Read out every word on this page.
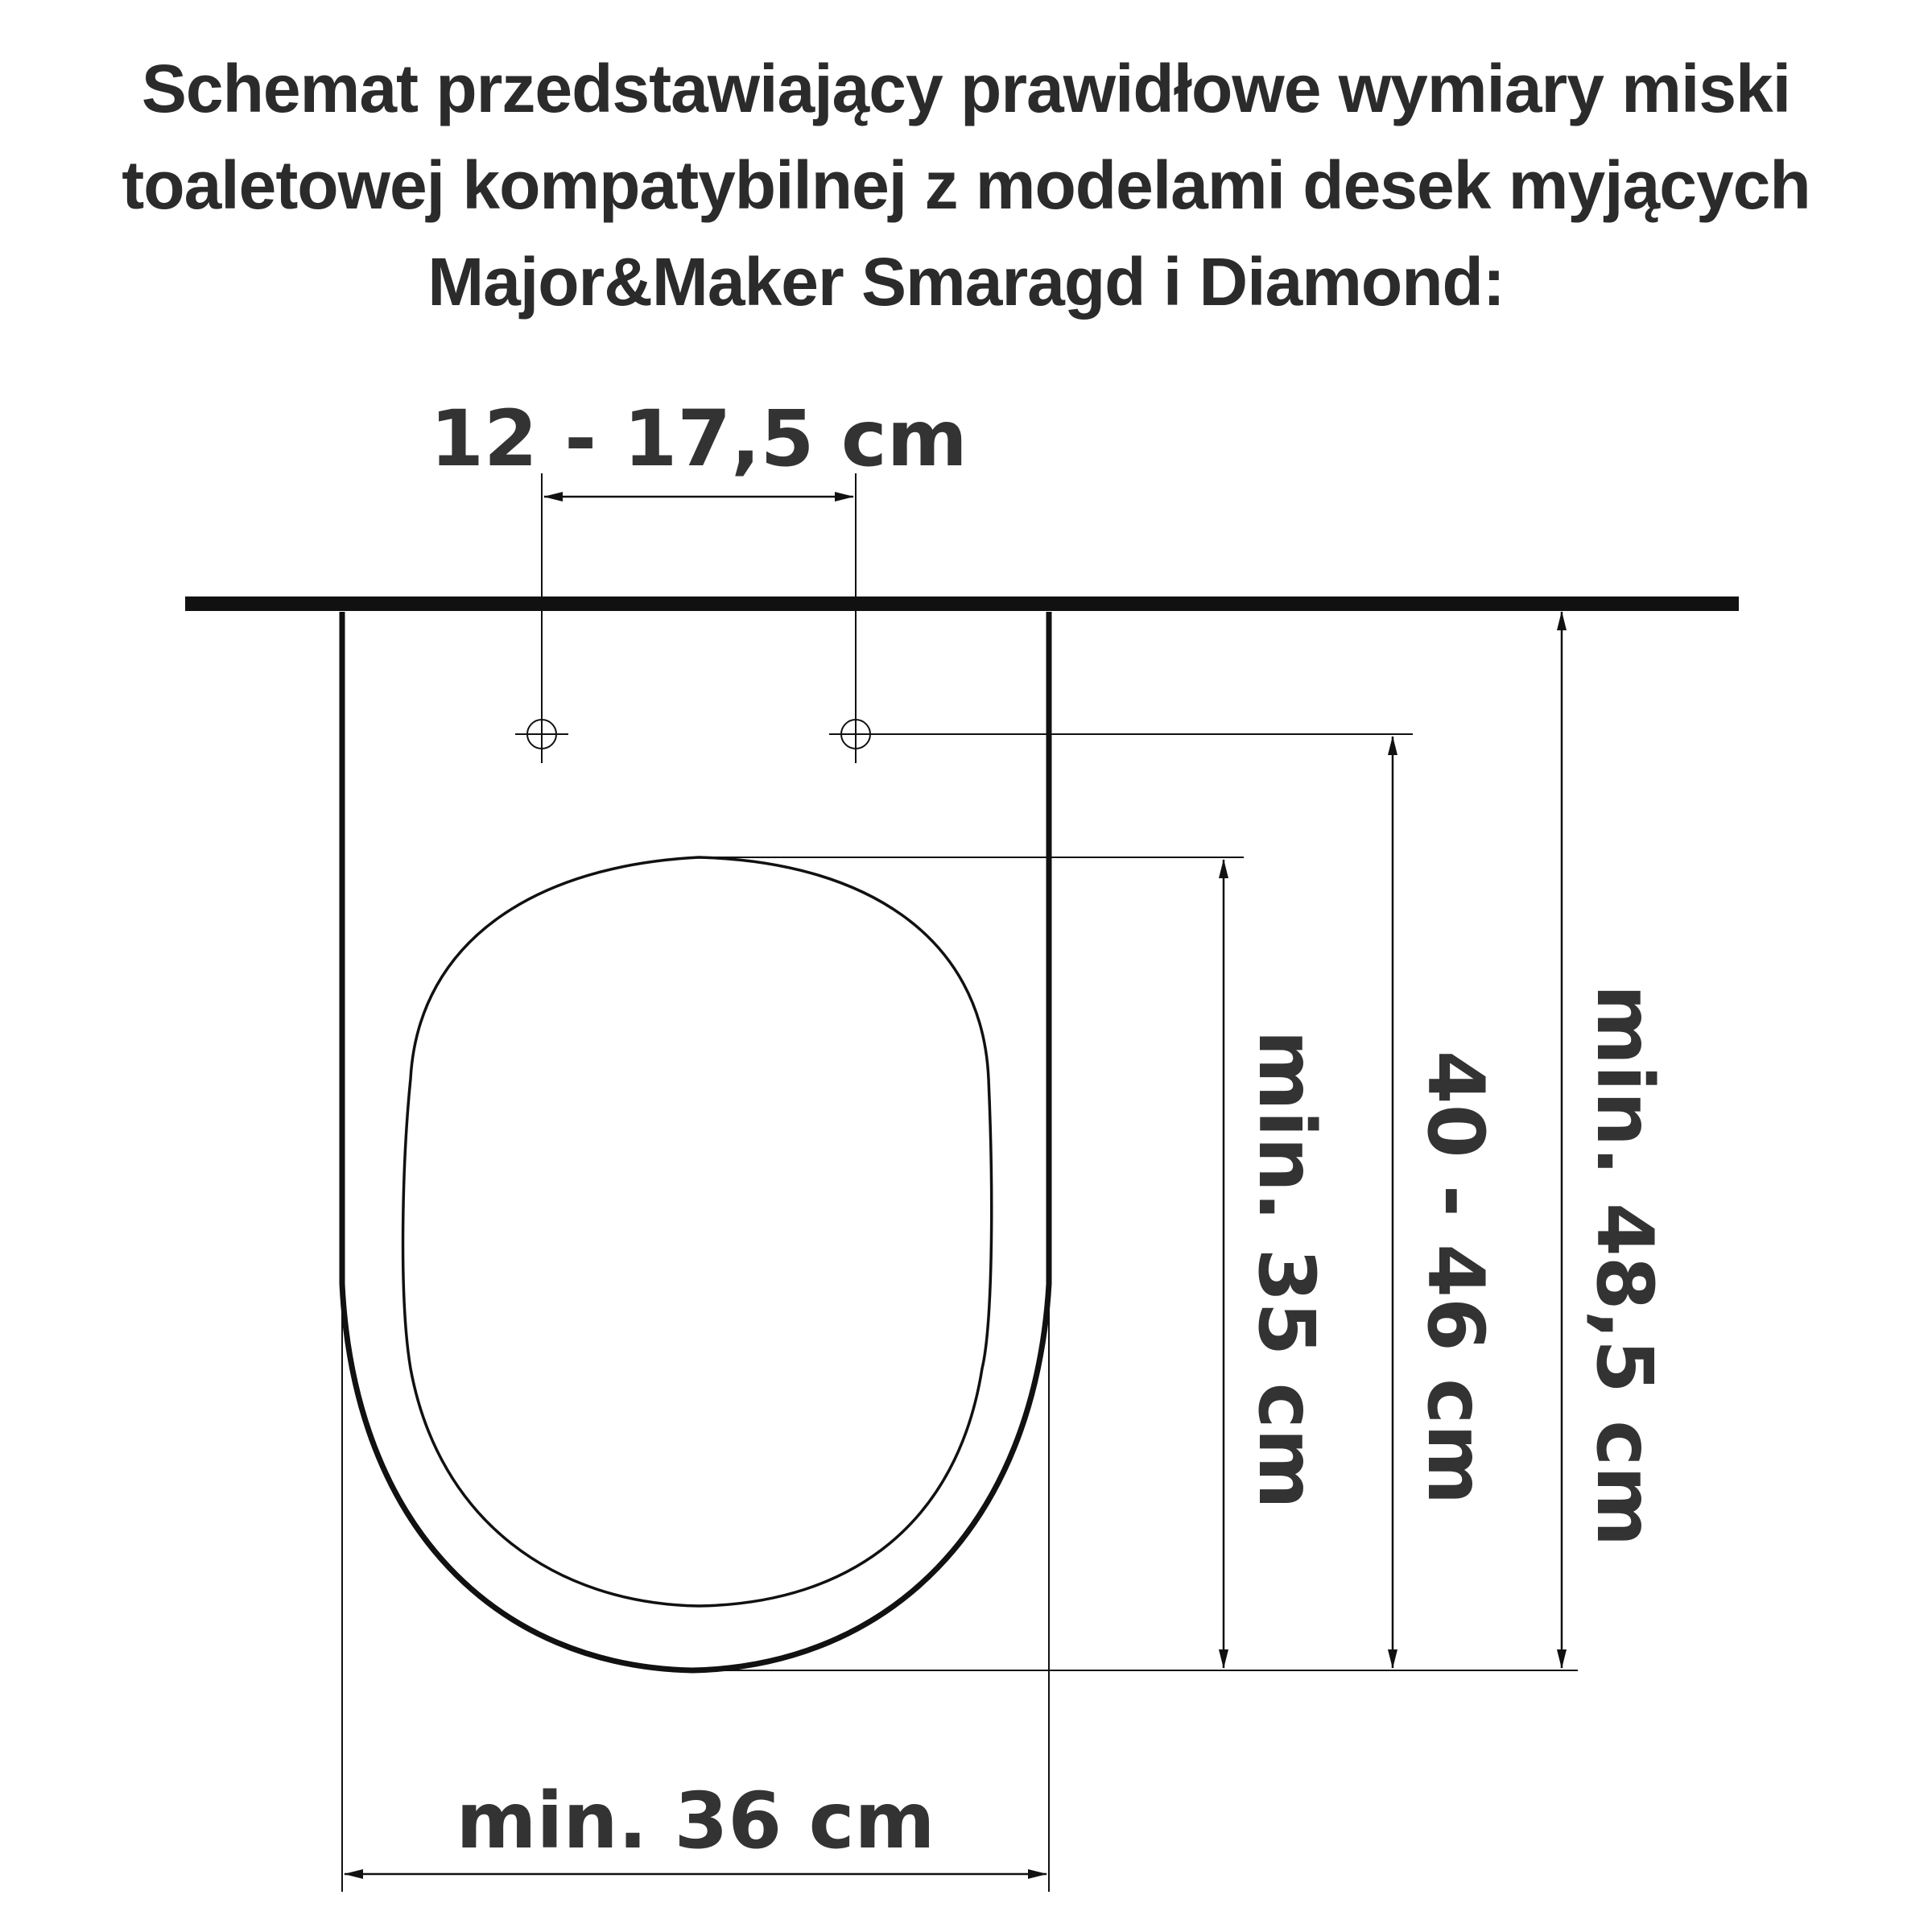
Schemat przedstawiający prawidłowe wymiary miski
toaletowej kompatybilnej z modelami desek myjących
Major&Maker Smaragd i Diamond:
12 - 17,5 cm
min. 36 cm
min. 35 cm 40 - 46 cm min. 48,5 cm
